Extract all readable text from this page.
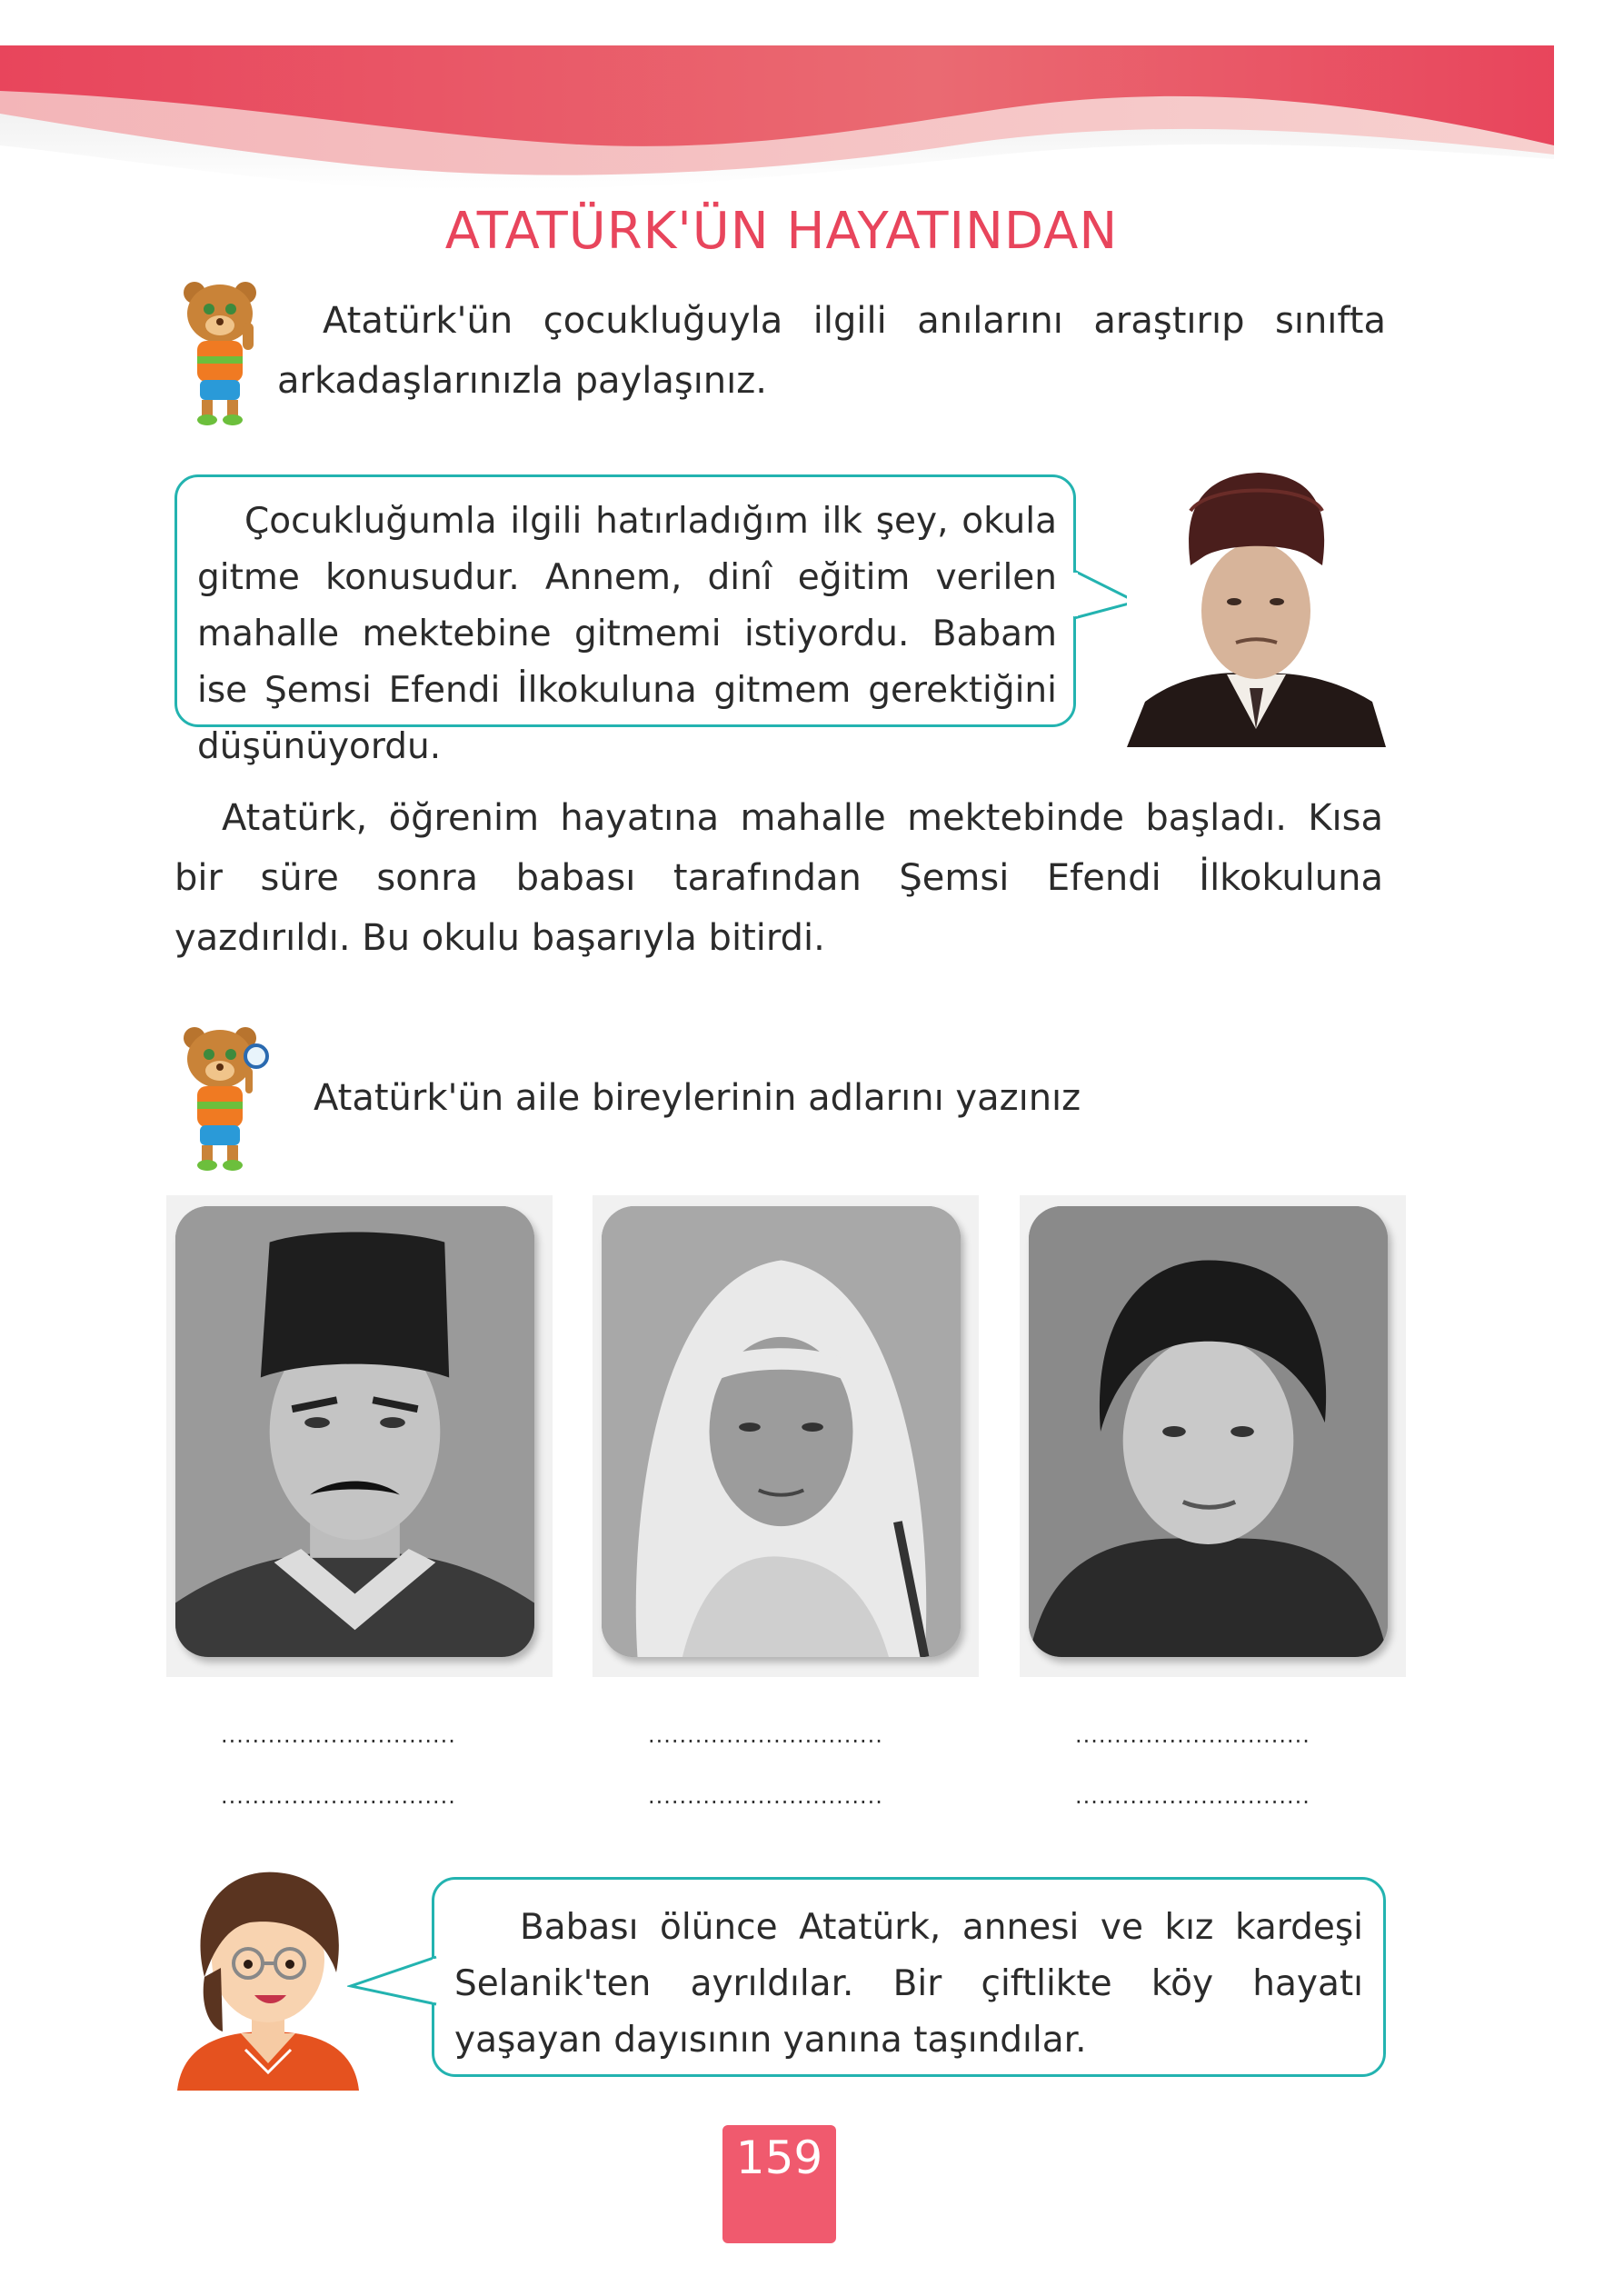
ATATÜRK'ÜN HAYATINDAN
Atatürk'ün çocukluğuyla ilgili anılarını araştırıp sınıfta arkadaşlarınızla paylaşınız.
Çocukluğumla ilgili hatırladığım ilk şey, okula gitme konusudur. Annem, dinî eğitim verilen mahalle mektebine gitmemi istiyordu. Babam ise Şemsi Efendi İlkokuluna gitmem gerektiğini düşünüyordu.
Atatürk, öğrenim hayatına mahalle mektebinde başladı. Kısa bir süre sonra babası tarafından Şemsi Efendi İlkokuluna yazdırıldı. Bu okulu başarıyla bitirdi.
Atatürk'ün aile bireylerinin adlarını yazınız
..............................
..............................
..............................
..............................
..............................
..............................
Babası ölünce Atatürk, annesi ve kız kardeşi Selanik'ten ayrıldılar. Bir çiftlikte köy hayatı yaşayan dayısının yanına taşındılar.
159
